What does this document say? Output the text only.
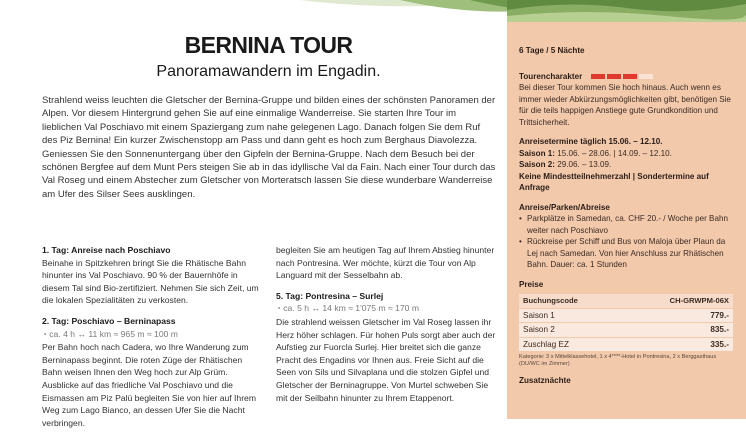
BERNINA TOUR
Panoramawandern im Engadin.

Strahlend weiss leuchten die Gletscher der Bernina-Gruppe und bilden eines der schönsten Panoramen der Alpen. Vor diesem Hintergrund gehen Sie auf eine einmalige Wanderreise. Sie starten Ihre Tour im lieblichen Val Poschiavo mit einem Spaziergang zum nahe gelegenen Lago. Danach folgen Sie dem Ruf des Piz Bernina! Ein kurzer Zwischenstopp am Pass und dann geht es hoch zum Berghaus Diavolezza. Geniessen Sie den Sonnenuntergang über den Gipfeln der Bernina-Gruppe. Nach dem Besuch bei der schönen Bergfee auf dem Munt Pers steigen Sie ab in das idyllische Val da Fain. Nach einer Tour durch das Val Roseg und einem Abstecher zum Gletscher von Morteratsch lassen Sie diese wunderbare Wanderreise am Ufer des Silser Sees ausklingen.

1. Tag: Anreise nach Poschiavo
Beinahe in Spitzkehren bringt Sie die Rhätische Bahn hinunter ins Val Poschiavo. 90 % der Bauernhöfe in diesem Tal sind Bio-zertifiziert. Nehmen Sie sich Zeit, um die lokalen Spezialitäten zu verkosten.
2. Tag: Poschiavo – Berninapass
◔ ca. 4 h ↔ 11 km ≈ 965 m ≈ 100 m
Per Bahn hoch nach Cadera, wo Ihre Wanderung zum Berninapass beginnt. Die roten Züge der Rhätischen Bahn weisen Ihnen den Weg hoch zur Alp Grüm. Ausblicke auf das friedliche Val Poschiavo und die Eismassen am Piz Palü begleiten Sie von hier auf Ihrem Weg zum Lago Bianco, an dessen Ufer Sie die Nacht verbringen.
begleiten Sie am heutigen Tag auf Ihrem Abstieg hinunter nach Pontresina. Wer möchte, kürzt die Tour von Alp Languard mit der Sesselbahn ab.
5. Tag: Pontresina – Surlej
◔ ca. 5 h ↔ 14 km ≈ 1'075 m ≈ 170 m
Die strahlend weissen Gletscher im Val Roseg lassen ihr Herz höher schlagen. Für hohen Puls sorgt aber auch der Aufstieg zur Fuorcla Surlej. Hier breitet sich die ganze Pracht des Engadins vor Ihnen aus. Freie Sicht auf die Seen von Sils und Silvaplana und die stolzen Gipfel und Gletscher der Berninagruppe. Von Murtel schweben Sie mit der Seilbahn hinunter zu Ihrem Etappenort.
6 Tage / 5 Nächte
Tourencharakter
Bei dieser Tour kommen Sie hoch hinaus. Auch wenn es immer wieder Abkürzungsmöglichkeiten gibt, benötigen Sie für die teils happigen Anstiege gute Grundkondition und Trittsicherheit.
Anreisetermine täglich 15.06. – 12.10.
Saison 1: 15.06. – 28.06. | 14.09. – 12.10.
Saison 2: 29.06. – 13.09.
Keine Mindestteilnehmerzahl | Sondertermine auf Anfrage
Anreise/Parken/Abreise
• Parkplätze in Samedan, ca. CHF 20.- / Woche per Bahn weiter nach Poschiavo
• Rückreise per Schiff und Bus von Maloja über Plaun da Lej nach Samedan. Von hier Anschluss zur Rhätischen Bahn. Dauer: ca. 1 Stunden
Preise
Buchungscode	CH-GRWPM-06X
Saison 1	779.-
Saison 2	835.-
Zuschlag EZ	335.-
Kategorie: 3 x Mittelklassehotel, 1 x 4****-Hotel in Pontresina, 2 x Berggasthaus (DU/WC im Zimmer)
Zusatznächte
